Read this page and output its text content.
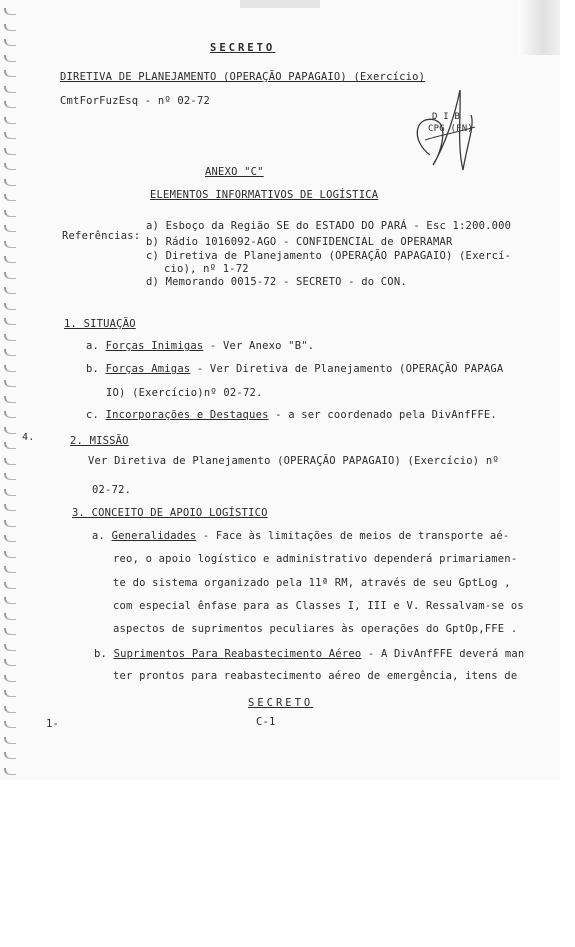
SECRETO
DIRETIVA DE PLANEJAMENTO (OPERAÇÃO PAPAGAIO) (Exercício)
CmtForFuzEsq - nº 02-72
D I B
CPG (FN)
ANEXO "C"
ELEMENTOS INFORMATIVOS DE LOGÍSTICA
Referências:
a) Esboço da Região SE do ESTADO DO PARÁ - Esc 1:200.000
b) Rádio 1016092-AGO - CONFIDENCIAL de OPERAMAR
c) Diretiva de Planejamento (OPERAÇÃO PAPAGAIO) (Exercí-
cio), nº 1-72
d) Memorando 0015-72 - SECRETO - do CON.
1. SITUAÇÃO
a. Forças Inimigas - Ver Anexo "B".
b. Forças Amigas - Ver Diretiva de Planejamento (OPERAÇÃO PAPAGA
IO) (Exercício)nº 02-72.
c. Incorporações e Destaques - a ser coordenado pela DivAnfFFE.
4.	2. MISSÃO
Ver Diretiva de Planejamento (OPERAÇÃO PAPAGAIO) (Exercício) nº
02-72.
3. CONCEITO DE APOIO LOGÍSTICO
a. Generalidades - Face às limitações de meios de transporte aé-
reo, o apoio logístico e administrativo dependerá primariamen-
te do sistema organizado pela 11ª RM, através de seu GptLog ,
com especial ênfase para as Classes I, III e V. Ressalvam-se os
aspectos de suprimentos peculiares às operações do GptOp,FFE .
b. Suprimentos Para Reabastecimento Aéreo - A DivAnfFFE deverá man
ter prontos para reabastecimento aéreo de emergência, itens de
SECRETO
C-1
1-
